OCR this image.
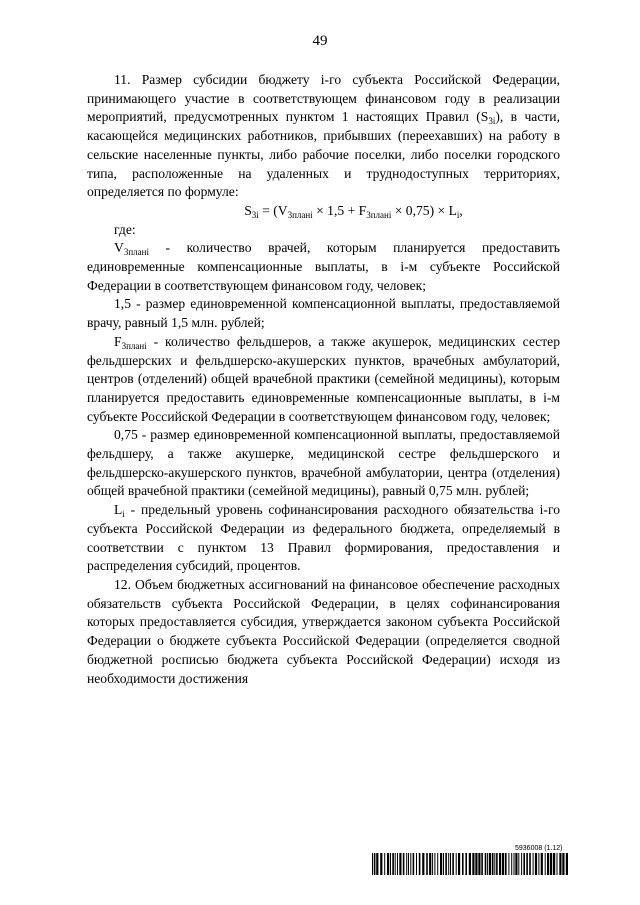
49

11. Размер субсидии бюджету i-го субъекта Российской Федерации, принимающего участие в соответствующем финансовом году в реализации мероприятий, предусмотренных пунктом 1 настоящих Правил $(S_{3i})$, в части, касающейся медицинских работников, прибывших (переехавших) на работу в сельские населенные пункты, либо рабочие поселки, либо поселки городского типа, расположенные на удаленных и труднодоступных территориях, определяется по формуле:

$S_{3i} = (V_{3планi} \times 1,5 + F_{3планi} \times 0,75) \times L_i$,

где:

$V_{3планi}$ - количество врачей, которым планируется предоставить единовременные компенсационные выплаты, в i-м субъекте Российской Федерации в соответствующем финансовом году, человек;

1,5 - размер единовременной компенсационной выплаты, предоставляемой врачу, равный 1,5 млн. рублей;

$F_{3планi}$ - количество фельдшеров, а также акушерок, медицинских сестер фельдшерских и фельдшерско-акушерских пунктов, врачебных амбулаторий, центров (отделений) общей врачебной практики (семейной медицины), которым планируется предоставить единовременные компенсационные выплаты, в i-м субъекте Российской Федерации в соответствующем финансовом году, человек;

0,75 - размер единовременной компенсационной выплаты, предоставляемой фельдшеру, а также акушерке, медицинской сестре фельдшерского и фельдшерско-акушерского пунктов, врачебной амбулатории, центра (отделения) общей врачебной практики (семейной медицины), равный 0,75 млн. рублей;

$L_i$ - предельный уровень софинансирования расходного обязательства i-го субъекта Российской Федерации из федерального бюджета, определяемый в соответствии с пунктом 13 Правил формирования, предоставления и распределения субсидий, процентов.

12. Объем бюджетных ассигнований на финансовое обеспечение расходных обязательств субъекта Российской Федерации, в целях софинансирования которых предоставляется субсидия, утверждается законом субъекта Российской Федерации о бюджете субъекта Российской Федерации (определяется сводной бюджетной росписью бюджета субъекта Российской Федерации) исходя из необходимости достижения

5936008 (1.12)
